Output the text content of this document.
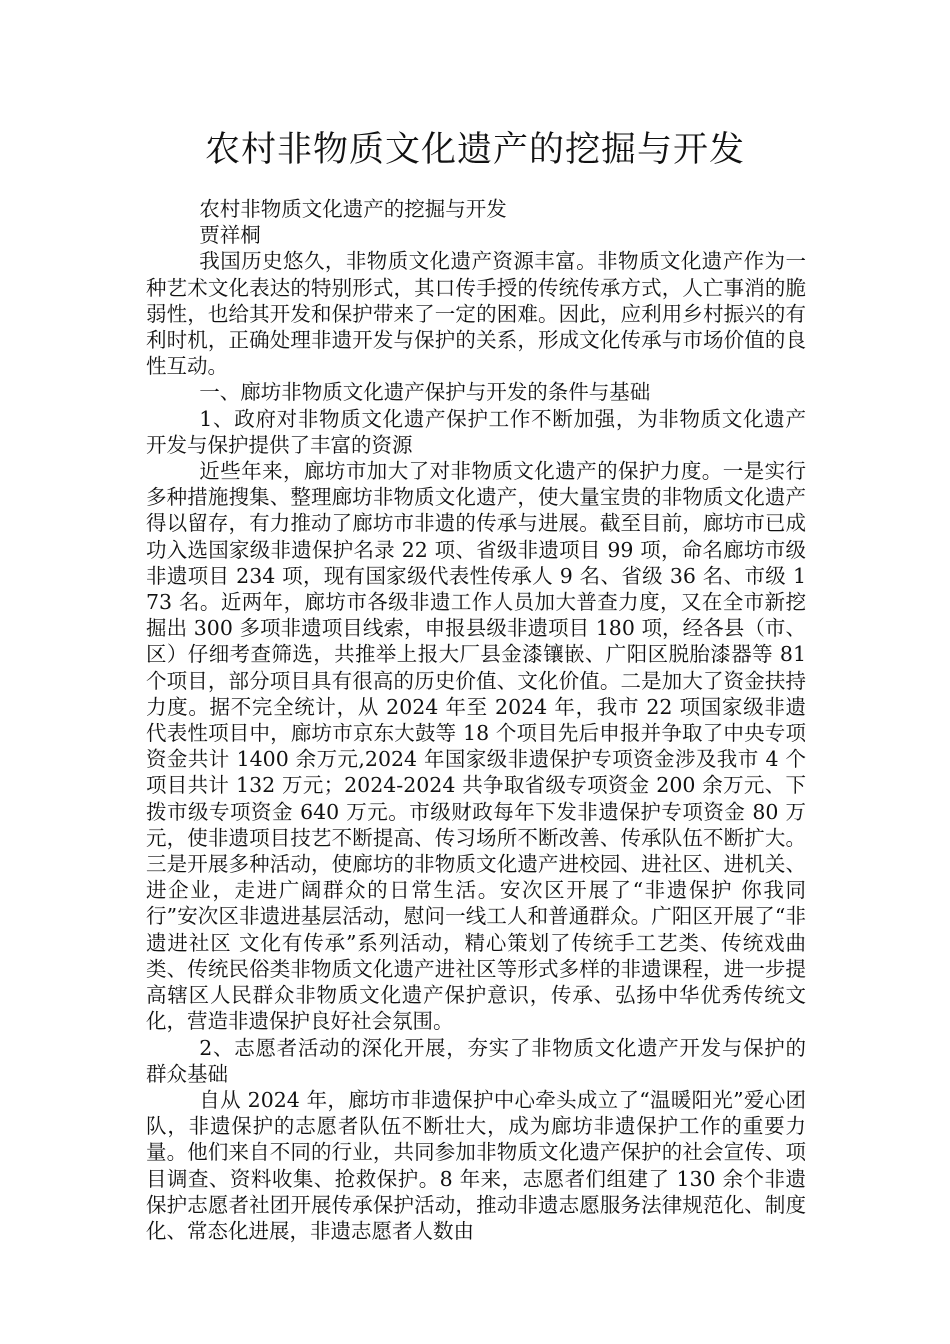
农村非物质文化遗产的挖掘与开发

农村非物质文化遗产的挖掘与开发

贾祥桐

我国历史悠久，非物质文化遗产资源丰富。非物质文化遗产作为一种艺术文化表达的特别形式，其口传手授的传统传承方式，人亡事消的脆弱性，也给其开发和保护带来了一定的困难。因此，应利用乡村振兴的有利时机，正确处理非遗开发与保护的关系，形成文化传承与市场价值的良性互动。

一、廊坊非物质文化遗产保护与开发的条件与基础

1、政府对非物质文化遗产保护工作不断加强，为非物质文化遗产开发与保护提供了丰富的资源

近些年来，廊坊市加大了对非物质文化遗产的保护力度。一是实行多种措施搜集、整理廊坊非物质文化遗产，使大量宝贵的非物质文化遗产得以留存，有力推动了廊坊市非遗的传承与进展。截至目前，廊坊市已成功入选国家级非遗保护名录 22 项、省级非遗项目 99 项，命名廊坊市级非遗项目 234 项，现有国家级代表性传承人 9 名、省级 36 名、市级 173 名。近两年，廊坊市各级非遗工作人员加大普查力度，又在全市新挖掘出 300 多项非遗项目线索，申报县级非遗项目 180 项，经各县（市、区）仔细考查筛选，共推举上报大厂县金漆镶嵌、广阳区脱胎漆器等 81 个项目，部分项目具有很高的历史价值、文化价值。二是加大了资金扶持力度。据不完全统计，从 2024 年至 2024 年，我市 22 项国家级非遗代表性项目中，廊坊市京东大鼓等 18 个项目先后申报并争取了中央专项资金共计 1400 余万元,2024 年国家级非遗保护专项资金涉及我市 4 个项目共计 132 万元；2024-2024 共争取省级专项资金 200 余万元、下拨市级专项资金 640 万元。市级财政每年下发非遗保护专项资金 80 万元，使非遗项目技艺不断提高、传习场所不断改善、传承队伍不断扩大。三是开展多种活动，使廊坊的非物质文化遗产进校园、进社区、进机关、进企业，走进广阔群众的日常生活。安次区开展了“非遗保护 你我同行”安次区非遗进基层活动，慰问一线工人和普通群众。广阳区开展了“非遗进社区 文化有传承”系列活动，精心策划了传统手工艺类、传统戏曲类、传统民俗类非物质文化遗产进社区等形式多样的非遗课程，进一步提高辖区人民群众非物质文化遗产保护意识，传承、弘扬中华优秀传统文化，营造非遗保护良好社会氛围。

2、志愿者活动的深化开展，夯实了非物质文化遗产开发与保护的群众基础

自从 2024 年，廊坊市非遗保护中心牵头成立了“温暖阳光”爱心团队，非遗保护的志愿者队伍不断壮大，成为廊坊非遗保护工作的重要力量。他们来自不同的行业，共同参加非物质文化遗产保护的社会宣传、项目调查、资料收集、抢救保护。8 年来，志愿者们组建了 130 余个非遗保护志愿者社团开展传承保护活动，推动非遗志愿服务法律规范化、制度化、常态化进展，非遗志愿者人数由
